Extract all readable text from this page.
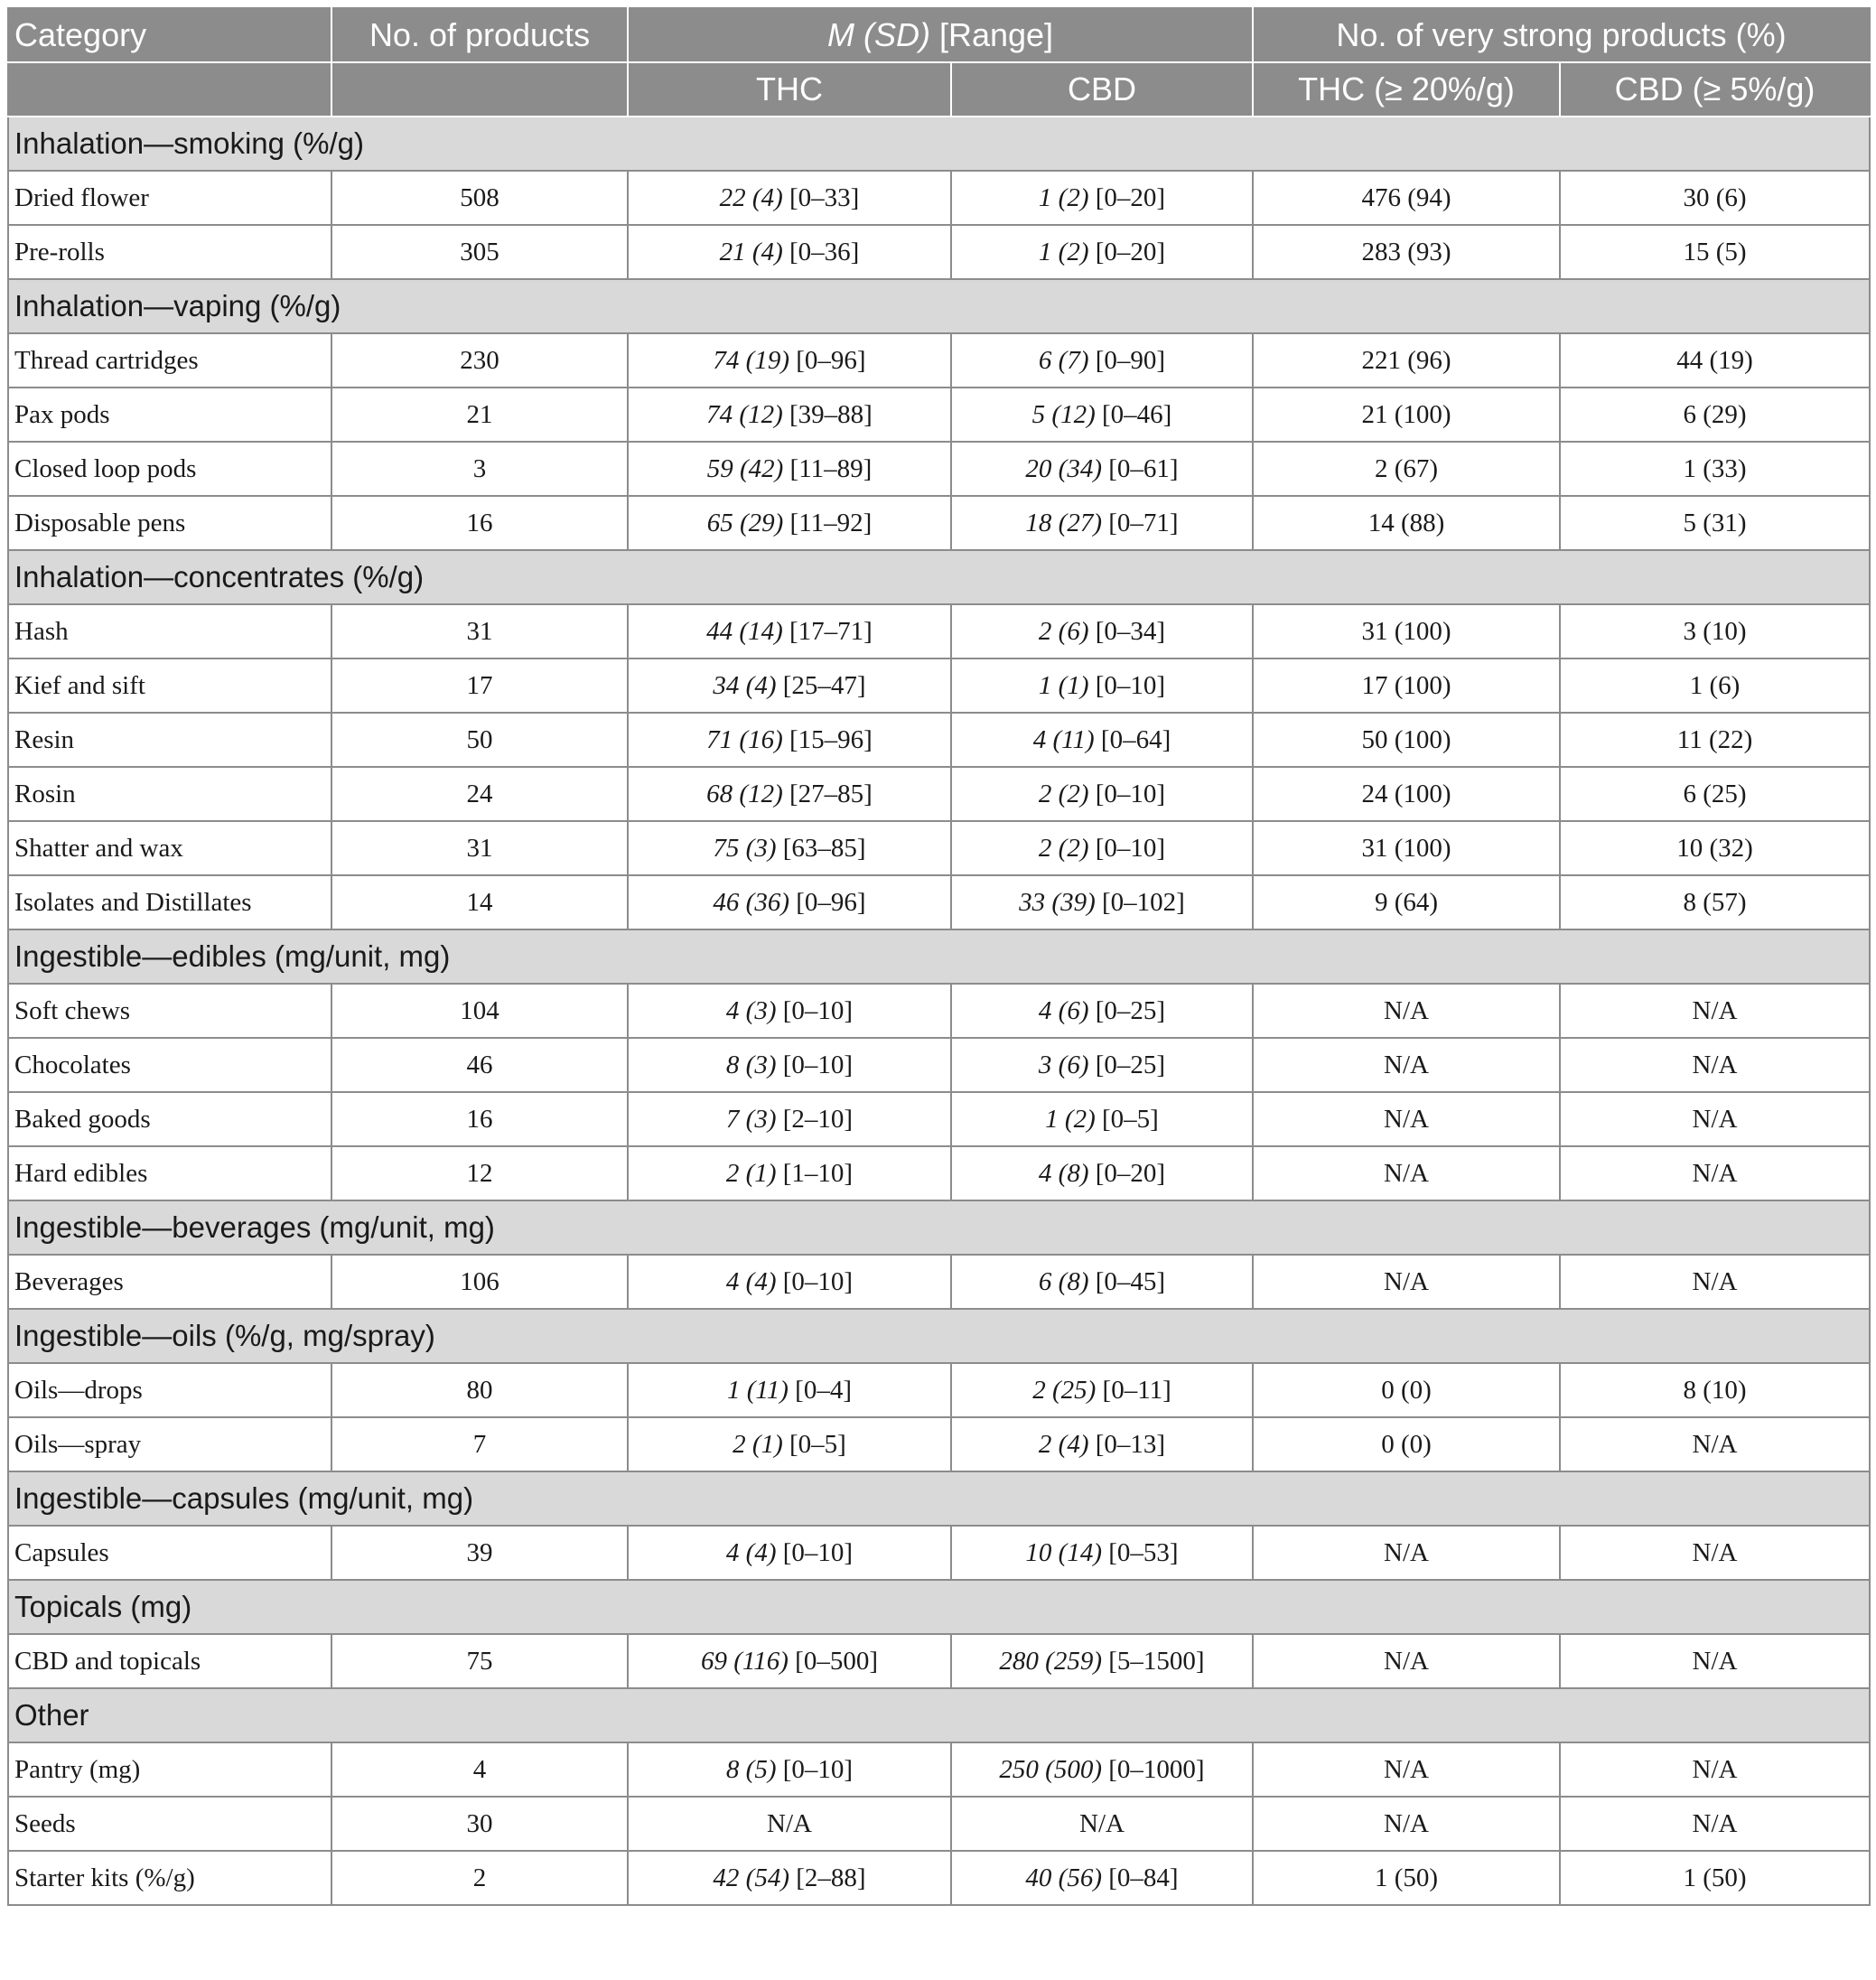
Category	No. of products	M (SD) [Range]		No. of very strong products (%)	
		THC	CBD	THC (≥ 20%/g)	CBD (≥ 5%/g)
Inhalation—smoking (%/g)					
Dried flower	508	22 (4) [0–33]	1 (2) [0–20]	476 (94)	30 (6)
Pre-rolls	305	21 (4) [0–36]	1 (2) [0–20]	283 (93)	15 (5)
Inhalation—vaping (%/g)					
Thread cartridges	230	74 (19) [0–96]	6 (7) [0–90]	221 (96)	44 (19)
Pax pods	21	74 (12) [39–88]	5 (12) [0–46]	21 (100)	6 (29)
Closed loop pods	3	59 (42) [11–89]	20 (34) [0–61]	2 (67)	1 (33)
Disposable pens	16	65 (29) [11–92]	18 (27) [0–71]	14 (88)	5 (31)
Inhalation—concentrates (%/g)					
Hash	31	44 (14) [17–71]	2 (6) [0–34]	31 (100)	3 (10)
Kief and sift	17	34 (4) [25–47]	1 (1) [0–10]	17 (100)	1 (6)
Resin	50	71 (16) [15–96]	4 (11) [0–64]	50 (100)	11 (22)
Rosin	24	68 (12) [27–85]	2 (2) [0–10]	24 (100)	6 (25)
Shatter and wax	31	75 (3) [63–85]	2 (2) [0–10]	31 (100)	10 (32)
Isolates and Distillates	14	46 (36) [0–96]	33 (39) [0–102]	9 (64)	8 (57)
Ingestible—edibles (mg/unit, mg)					
Soft chews	104	4 (3) [0–10]	4 (6) [0–25]	N/A	N/A
Chocolates	46	8 (3) [0–10]	3 (6) [0–25]	N/A	N/A
Baked goods	16	7 (3) [2–10]	1 (2) [0–5]	N/A	N/A
Hard edibles	12	2 (1) [1–10]	4 (8) [0–20]	N/A	N/A
Ingestible—beverages (mg/unit, mg)					
Beverages	106	4 (4) [0–10]	6 (8) [0–45]	N/A	N/A
Ingestible—oils (%/g, mg/spray)					
Oils—drops	80	1 (11) [0–4]	2 (25) [0–11]	0 (0)	8 (10)
Oils—spray	7	2 (1) [0–5]	2 (4) [0–13]	0 (0)	N/A
Ingestible—capsules (mg/unit, mg)					
Capsules	39	4 (4) [0–10]	10 (14) [0–53]	N/A	N/A
Topicals (mg)					
CBD and topicals	75	69 (116) [0–500]	280 (259) [5–1500]	N/A	N/A
Other					
Pantry (mg)	4	8 (5) [0–10]	250 (500) [0–1000]	N/A	N/A
Seeds	30	N/A	N/A	N/A	N/A
Starter kits (%/g)	2	42 (54) [2–88]	40 (56) [0–84]	1 (50)	1 (50)
